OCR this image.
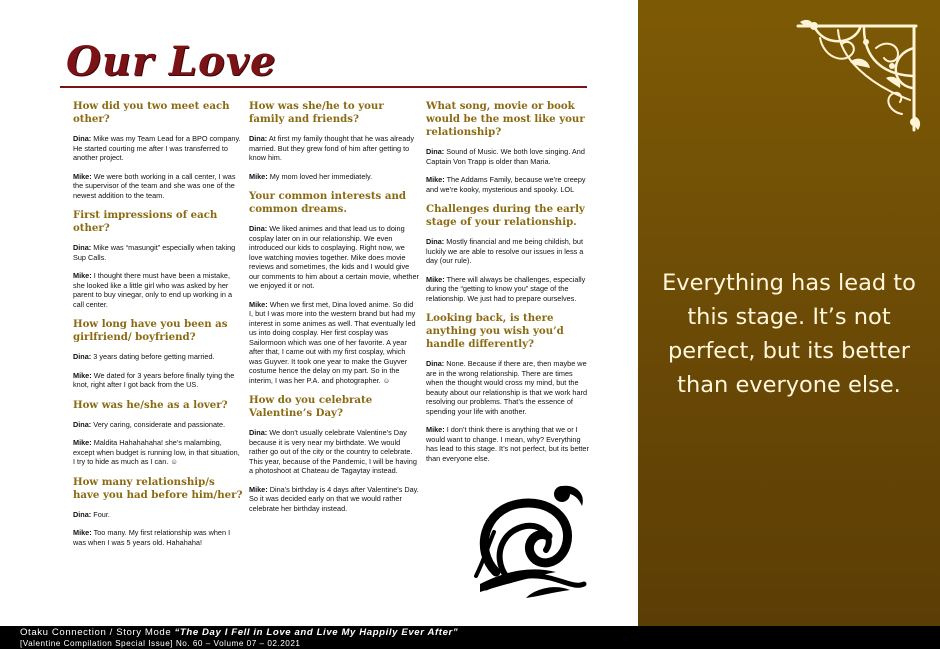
Our Love
How did you two meet each other?
Dina: Mike was my Team Lead for a BPO company. He started courting me after I was transferred to another project.
Mike: We were both working in a call center, I was the supervisor of the team and she was one of the newest addition to the team.
First impressions of each other?
Dina: Mike was “masungit” especially when taking Sup Calls.
Mike: I thought there must have been a mistake, she looked like a little girl who was asked by her parent to buy vinegar, only to end up working in a call center.
How long have you been as girlfriend/ boyfriend?
Dina: 3 years dating before getting married.
Mike: We dated for 3 years before finally tying the knot, right after I got back from the US.
How was he/she as a lover?
Dina: Very caring, considerate and passionate.
Mike: Maldita Hahahahaha! she’s malambing, except when budget is running low, in that situation, I try to hide as much as I can. ☺
How many relationship/s have you had before him/her?
Dina: Four.
Mike: Too many. My first relationship was when I was when I was 5 years old. Hahahaha!
How was she/he to your family and friends?
Dina: At first my family thought that he was already married. But they grew fond of him after getting to know him.
Mike: My mom loved her immediately.
Your common interests and common dreams.
Dina: We liked animes and that lead us to doing cosplay later on in our relationship. We even introduced our kids to cosplaying. Right now, we love watching movies together. Mike does movie reviews and sometimes, the kids and I would give our comments to him about a certain movie, whether we enjoyed it or not.
Mike: When we first met, Dina loved anime. So did I, but I was more into the western brand but had my interest in some animes as well. That eventually led us into doing cosplay. Her first cosplay was Sailormoon which was one of her favorite. A year after that, I came out with my first cosplay, which was Guyver. It took one year to make the Guyver costume hence the delay on my part. So in the interim, I was her P.A. and photographer. ☺
How do you celebrate Valentine’s Day?
Dina: We don’t usually celebrate Valentine’s Day because it is very near my birthdate. We would rather go out of the city or the country to celebrate. This year, because of the Pandemic, I will be having a photoshoot at Chateau de Tagaytay instead.
Mike: Dina’s birthday is 4 days after Valentine’s Day. So it was decided early on that we would rather celebrate her birthday instead.
What song, movie or book would be the most like your relationship?
Dina: Sound of Music. We both love singing. And Captain Von Trapp is older than Maria.
Mike: The Addams Family, because we’re creepy and we’re kooky, mysterious and spooky. LOL
Challenges during the early stage of your relationship.
Dina: Mostly financial and me being childish, but luckily we are able to resolve our issues in less a day (our rule).
Mike: There will always be challenges, especially during the “getting to know you” stage of the relationship. We just had to prepare ourselves.
Looking back, is there anything you wish you’d handle differently?
Dina: None. Because if there are, then maybe we are in the wrong relationship. There are times when the thought would cross my mind, but the beauty about our relationship is that we work hard resolving our problems. That’s the essence of spending your life with another.
Mike: I don’t think there is anything that we or I would want to change. I mean, why? Everything has lead to this stage. It’s not perfect, but its better than everyone else.
Everything has lead to this stage. It’s not perfect, but its better than everyone else.
Otaku Connection / Story Mode “The Day I Fell in Love and Live My Happily Ever After”
[Valentine Compilation Special Issue] No. 60 – Volume 07 – 02.2021
